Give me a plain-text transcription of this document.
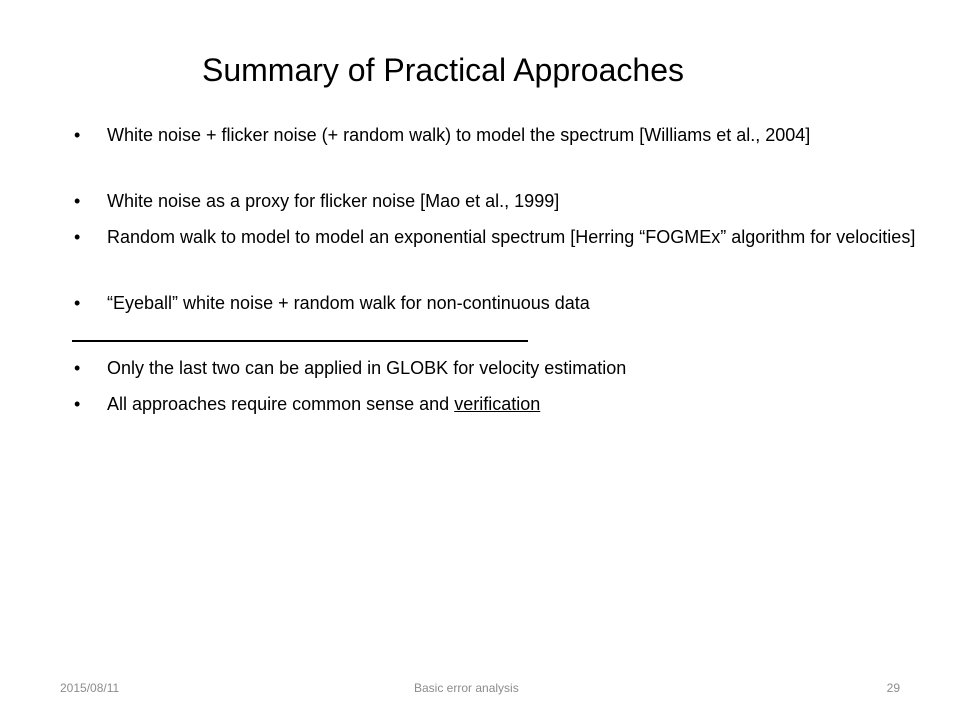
Summary of Practical Approaches
• White noise + flicker noise (+ random walk) to model the spectrum [Williams et al., 2004]
• White noise as a proxy for flicker noise [Mao et al., 1999]
• Random walk to model to model an exponential spectrum [Herring “FOGMEx” algorithm for velocities]
• “Eyeball” white noise + random walk for non-continuous data
• Only the last two can be applied in GLOBK for velocity estimation
• All approaches require common sense and verification
2015/08/11	Basic error analysis	29
